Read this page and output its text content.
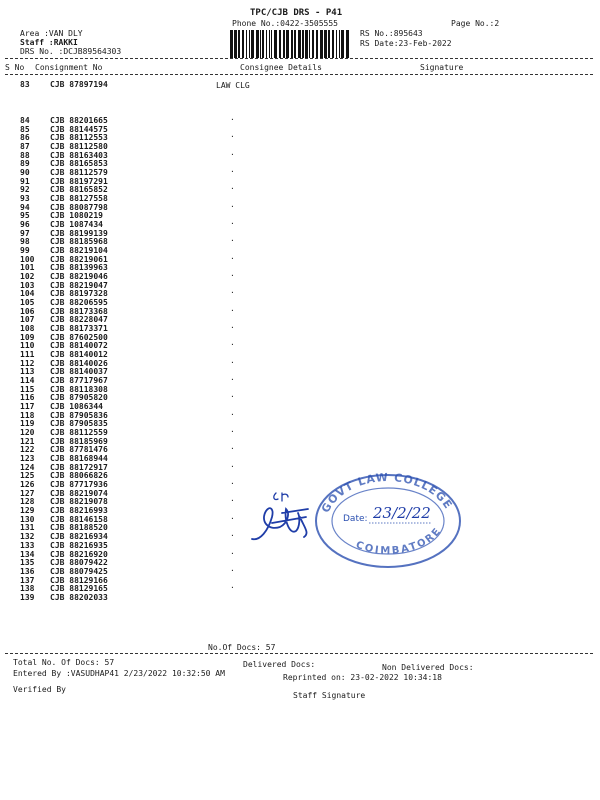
TPC/CJB DRS - P41
Phone No.:0422-3505555	Page No.:2
Area :VAN DLY
Staff :RAKKI
DRS No. :DCJB89564303
RS No.:895643
RS Date:23-Feb-2022
S No Consignment No	Consignee Details	Signature
83	CJB 87897194	LAW CLG
84	CJB 88201665	.
85	CJB 88144575
86	CJB 88112553	.
87	CJB 88112580
88	CJB 88163403	.
89	CJB 88165853
90	CJB 88112579	.
91	CJB 88197291
92	CJB 88165852	.
93	CJB 88127558
94	CJB 88087798	.
95	CJB 1080219
96	CJB 1087434	.
97	CJB 88199139
98	CJB 88185968	.
99	CJB 88219104
100	CJB 88219061	.
101	CJB 88139963
102	CJB 88219046	.
103	CJB 88219047
104	CJB 88197328	.
105	CJB 88206595
106	CJB 88173368	.
107	CJB 88228047
108	CJB 88173371	.
109	CJB 87602500
110	CJB 88140072	.
111	CJB 88140012
112	CJB 88140026	.
113	CJB 88140037
114	CJB 87717967	.
115	CJB 88118308
116	CJB 87905820	.
117	CJB 1086344
118	CJB 87905836	.
119	CJB 87905835
120	CJB 88112559	.
121	CJB 88185969
122	CJB 87781476	.
123	CJB 88168944
124	CJB 88172917	.
125	CJB 88066826
126	CJB 87717936	.
127	CJB 88219074
128	CJB 88219078	.
129	CJB 88216993
130	CJB 88146158	.
131	CJB 88188520
132	CJB 88216934	.
133	CJB 88216935
134	CJB 88216920	.
135	CJB 88079422
136	CJB 88079425	.
137	CJB 88129166
138	CJB 88129165	.
139	CJB 88202033
GOVT LAW COLLEGE
COIMBATORE
Date: 23/2/22
No.Of Docs: 57
Total No. Of Docs: 57	Delivered Docs:	Non Delivered Docs:
Entered By :VASUDHAP41 2/23/2022 10:32:50 AM	Reprinted on: 23-02-2022 10:34:18
Verified By
Staff Signature
